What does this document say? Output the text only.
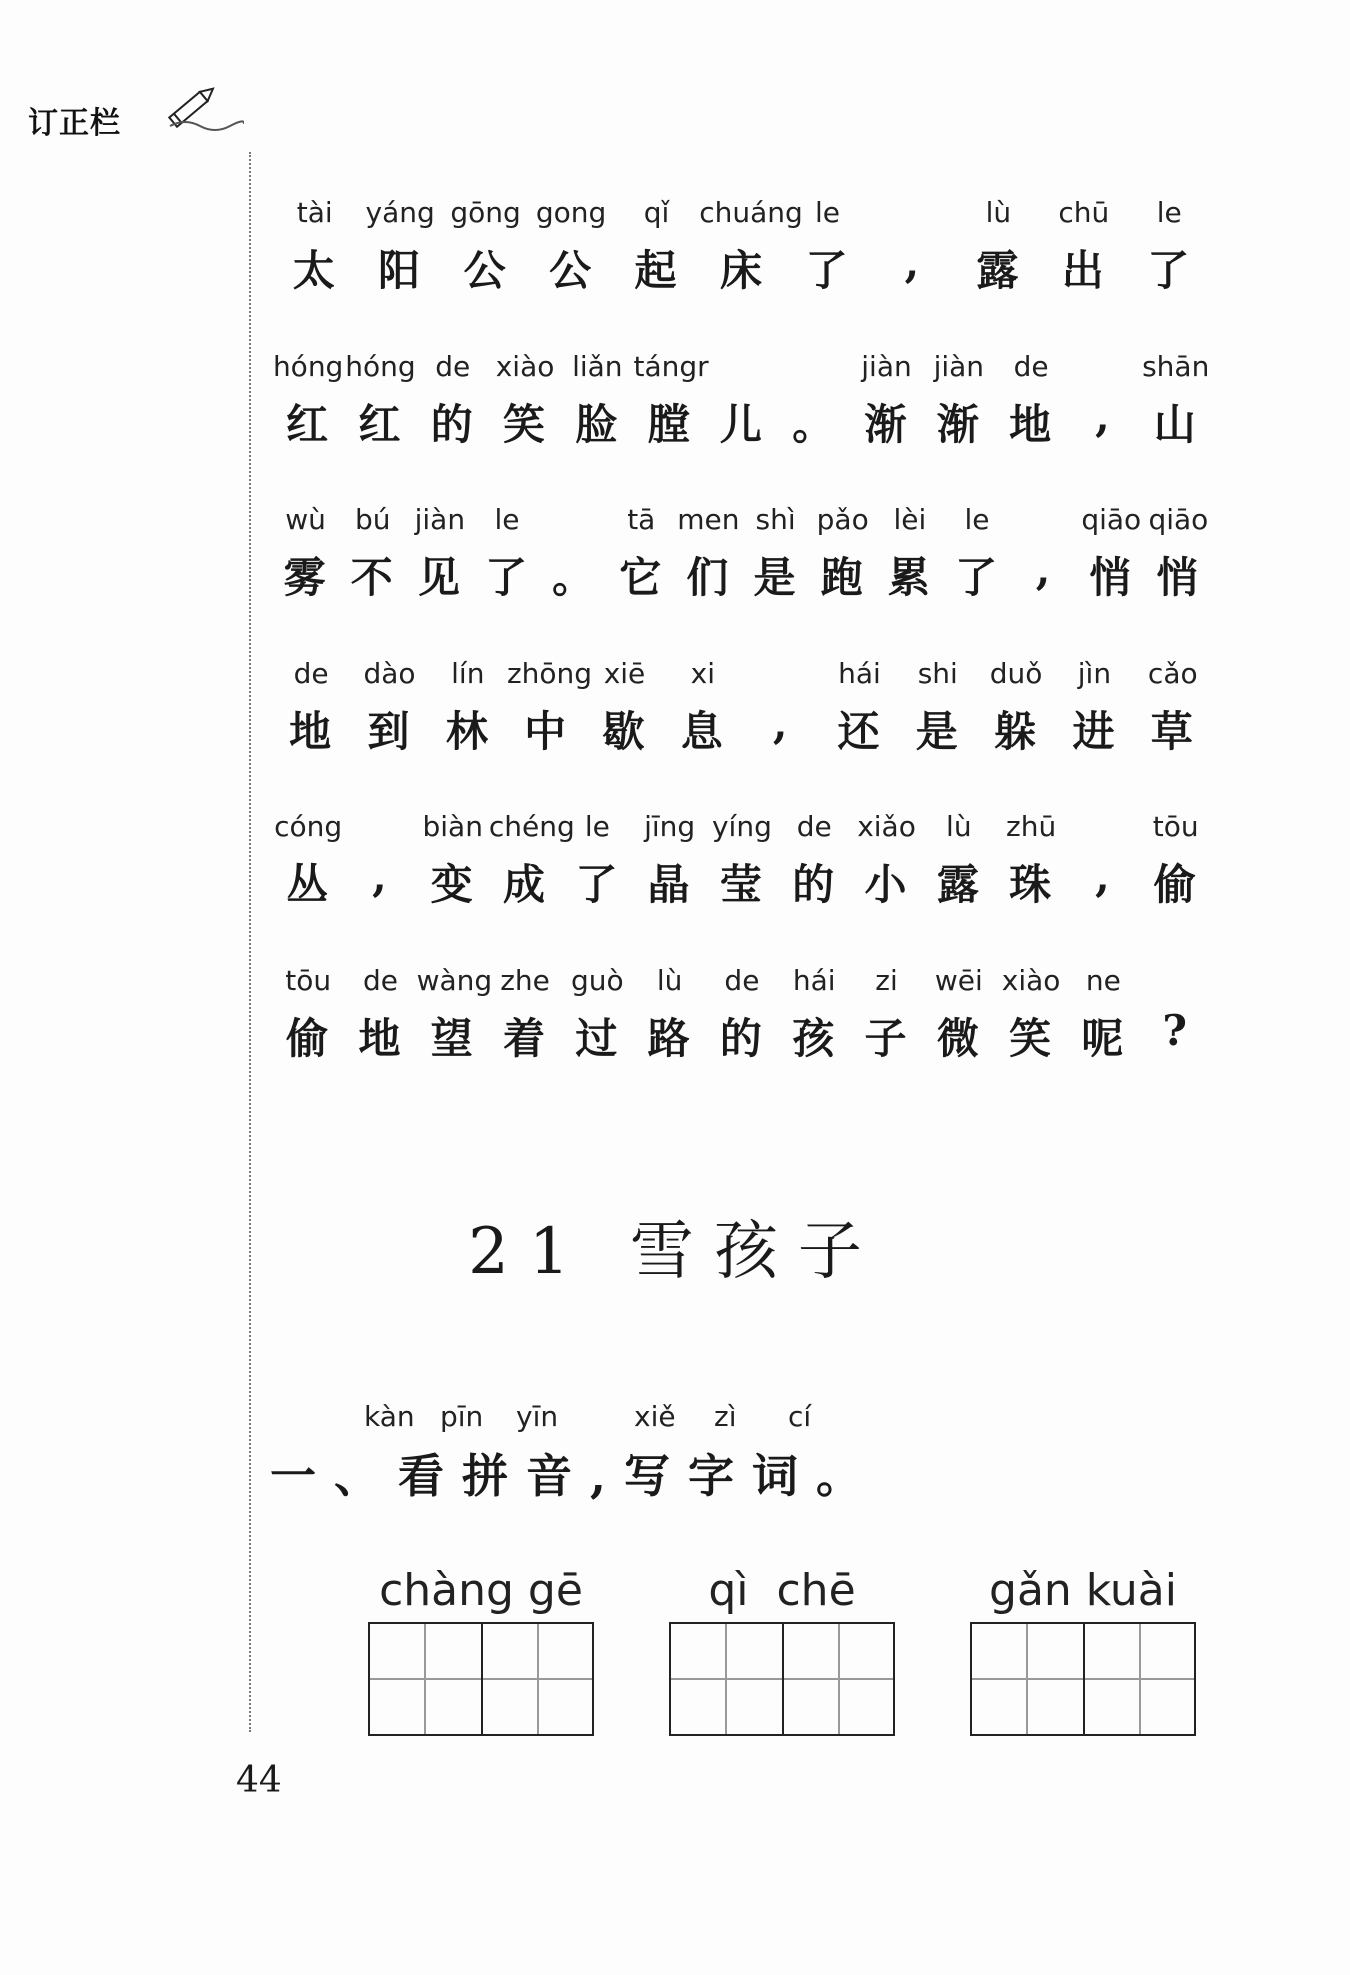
订正栏
tài	yáng gōng gong	qǐ	chuáng le	lù	chū	le
太 阳 公 公 起 床 了	,	露 出 了
hóng hóng de xiào liǎn tángr	jiàn jiàn	de	shān
红 红 的 笑 脸 膛 儿 。 渐 渐 地 , 山
wù	bú jiàn	le	tā men shì pǎo lèi	le	qiāo qiāo
雾 不 见 了 。 它 们 是 跑 累 了 , 悄 悄
de	dào	lín zhōng xiē	xi	hái	shi	duǒ	jìn	cǎo
地 到 林 中 歇 息	,	还 是 躲 进 草
cóng	biàn chéng le	jīng yíng de xiǎo	lù	zhū	tōu
丛 , 变 成 了 晶 莹 的 小 露 珠 , 偷
tōu	de wàng zhe guò	lù	de	hái	zi	wēi xiào ne
偷 地 望 着 过 路 的 孩 子 微 笑 呢 ?
21 雪孩子
kàn pīn yīn	xiě zì cí
一、看拼音,写字词。
chàng gē	qì  chē	gǎn kuài
44
